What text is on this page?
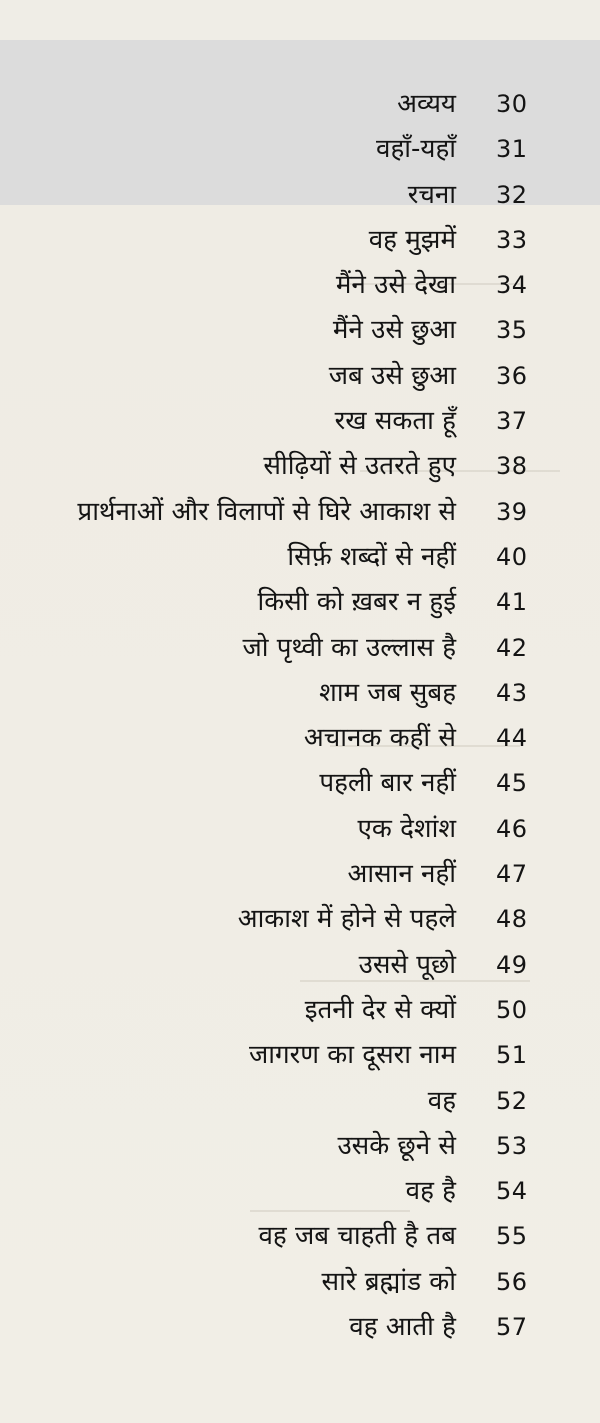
अव्यय 30
वहाँ-यहाँ 31
रचना 32
वह मुझमें 33
मैंने उसे देखा 34
मैंने उसे छुआ 35
जब उसे छुआ 36
रख सकता हूँ 37
सीढ़ियों से उतरते हुए 38
प्रार्थनाओं और विलापों से घिरे आकाश से 39
सिर्फ़ शब्दों से नहीं 40
किसी को ख़बर न हुई 41
जो पृथ्वी का उल्लास है 42
शाम जब सुबह 43
अचानक कहीं से 44
पहली बार नहीं 45
एक देशांश 46
आसान नहीं 47
आकाश में होने से पहले 48
उससे पूछो 49
इतनी देर से क्यों 50
जागरण का दूसरा नाम 51
वह 52
उसके छूने से 53
वह है 54
वह जब चाहती है तब 55
सारे ब्रह्मांड को 56
वह आती है 57
